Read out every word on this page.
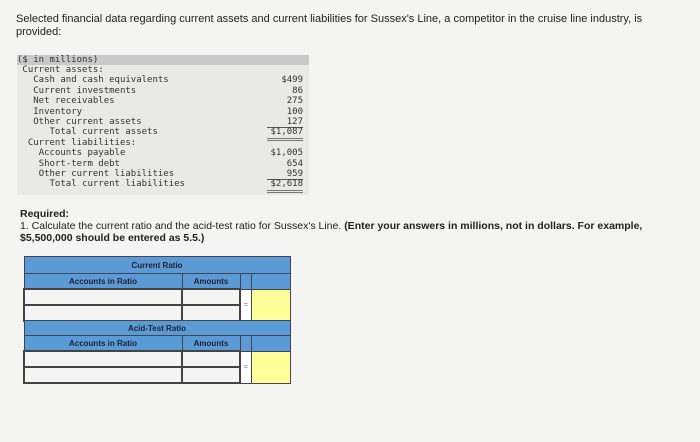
Selected financial data regarding current assets and current liabilities for Sussex's Line, a competitor in the cruise line industry, is provided:
($ in millions)
Current assets:
Cash and cash equivalents	$499
Current investments	86
Net receivables	275
Inventory	100
Other current assets	127
Total current assets	$1,087
Current liabilities:
Accounts payable	$1,005
Short-term debt	654
Other current liabilities	959
Total current liabilities	$2,618
Required:
1. Calculate the current ratio and the acid-test ratio for Sussex's Line. (Enter your answers in millions, not in dollars. For example, $5,500,000 should be entered as 5.5.)
Current Ratio			
Accounts in Ratio	Amounts		
		=	

Acid-Test Ratio			
Accounts in Ratio	Amounts		
		=	
